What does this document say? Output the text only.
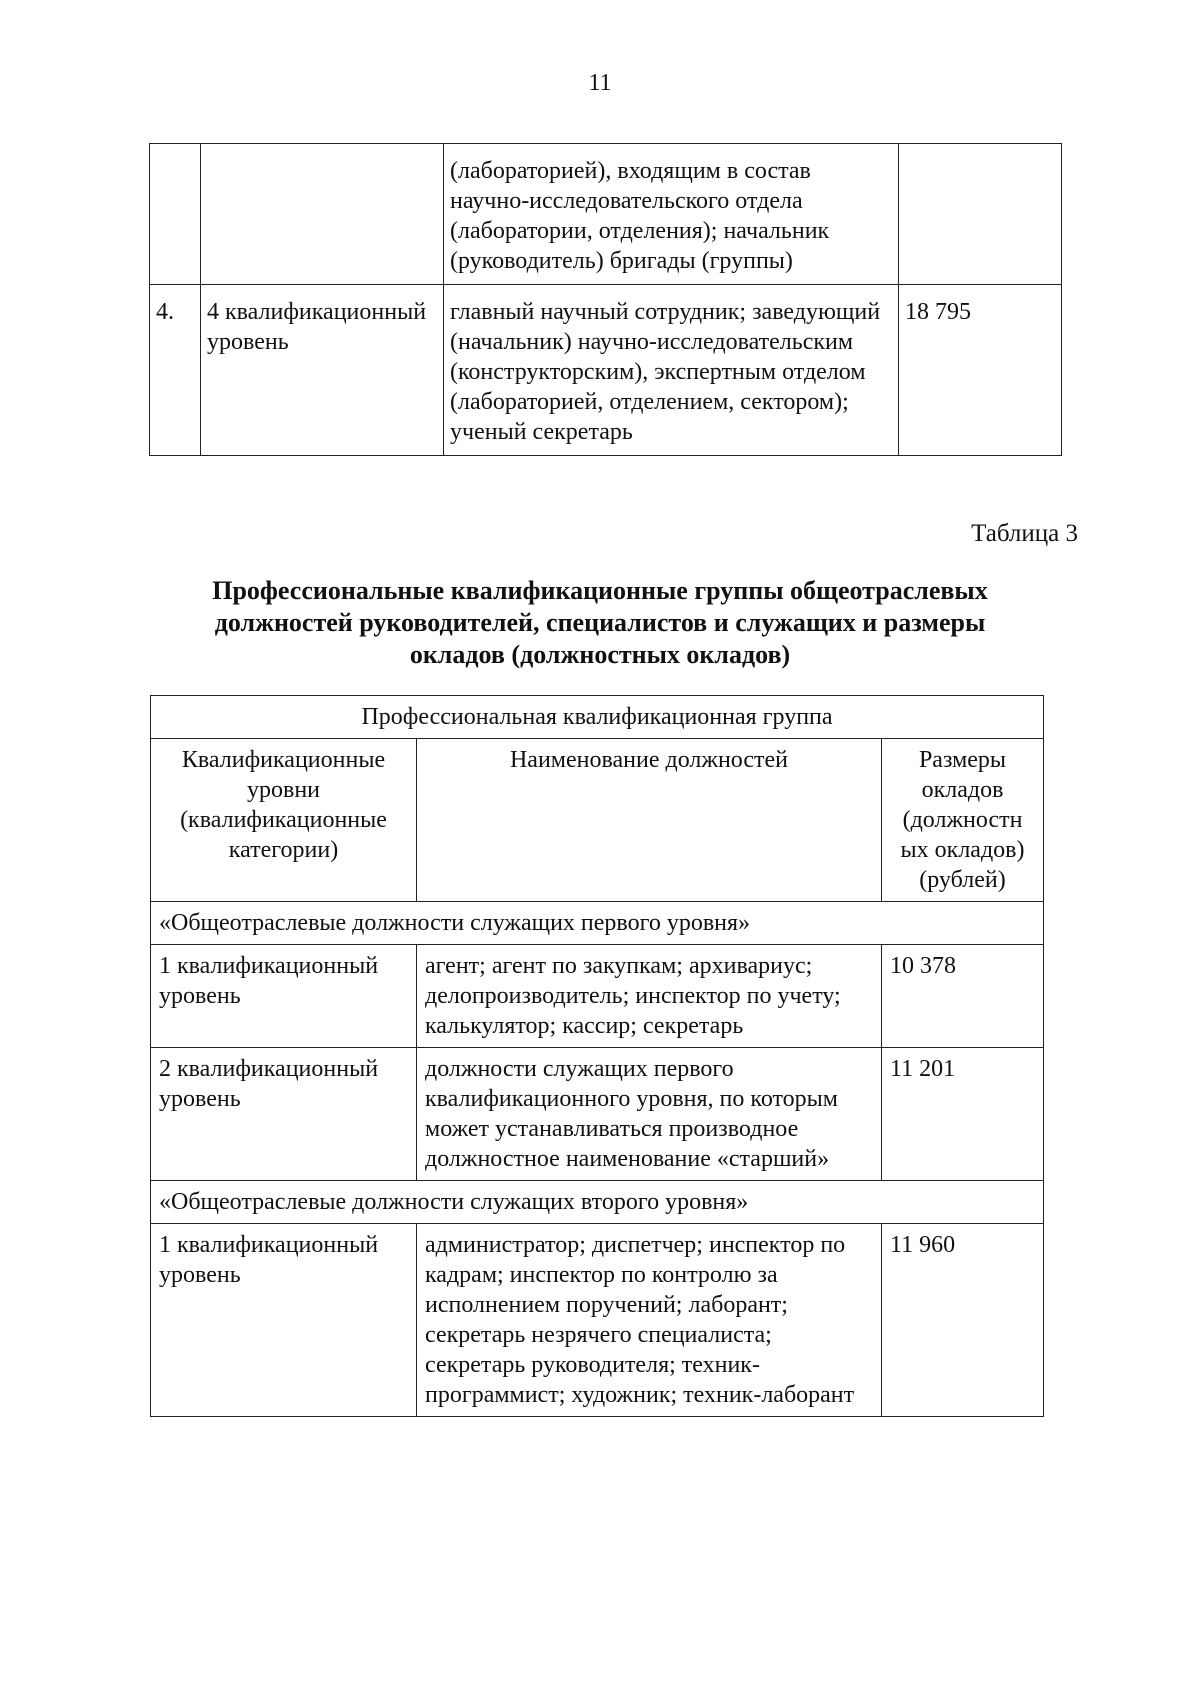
11
		(лабораторией), входящим в состав научно-исследовательского отдела (лаборатории, отделения); начальник (руководитель) бригады (группы)	
4.	4 квалификационный уровень	главный научный сотрудник; заведующий (начальник) научно-исследовательским (конструкторским), экспертным отделом (лабораторией, отделением, сектором); ученый секретарь	18 795
Таблица 3
Профессиональные квалификационные группы общеотраслевых
должностей руководителей, специалистов и служащих и размеры
окладов (должностных окладов)
Профессиональная квалификационная группа		
Квалификационные уровни (квалификационные категории)	Наименование должностей	Размеры окладов (должностн ых окладов) (рублей)
«Общеотраслевые должности служащих первого уровня»		
1 квалификационный уровень	агент; агент по закупкам; архивариус; делопроизводитель; инспектор по учету; калькулятор; кассир; секретарь	10 378
2 квалификационный уровень	должности служащих первого квалификационного уровня, по которым может устанавливаться производное должностное наименование «старший»	11 201
«Общеотраслевые должности служащих второго уровня»		
1 квалификационный уровень	администратор; диспетчер; инспектор по кадрам; инспектор по контролю за исполнением поручений; лаборант; секретарь незрячего специалиста; секретарь руководителя; техник-программист; художник; техник-лаборант	11 960
